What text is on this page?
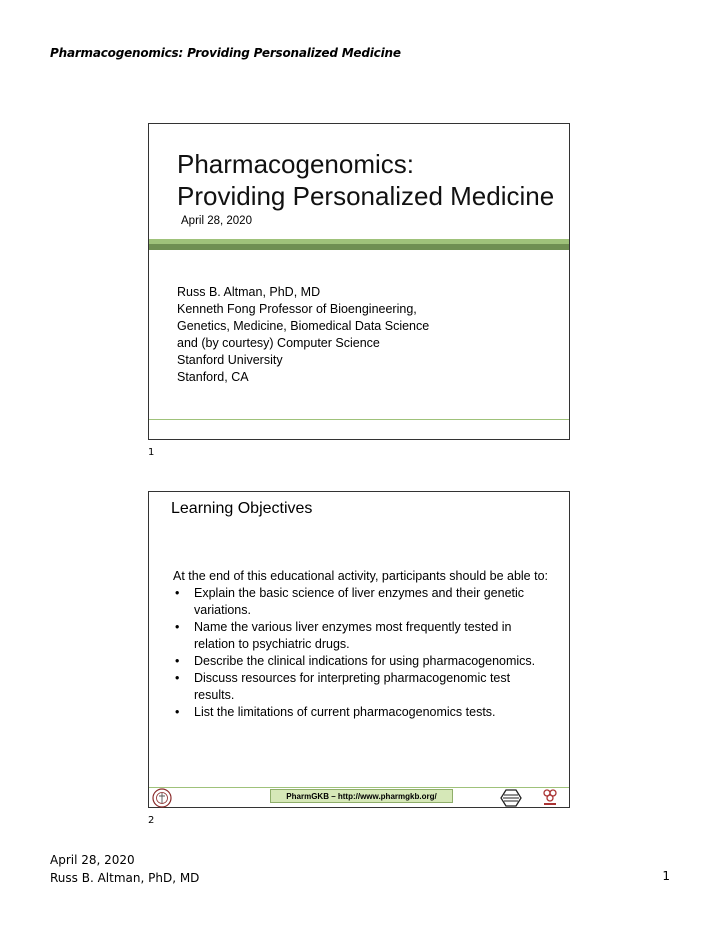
Pharmacogenomics: Providing Personalized Medicine
Pharmacogenomics:
Providing Personalized Medicine
April 28, 2020
Russ B. Altman, PhD, MD
Kenneth Fong Professor of Bioengineering,
Genetics, Medicine, Biomedical Data Science
and (by courtesy) Computer Science
Stanford University
Stanford, CA
1
Learning Objectives

At the end of this educational activity, participants should be able to:

• Explain the basic science of liver enzymes and their genetic variations.
• Name the various liver enzymes most frequently tested in relation to psychiatric drugs.
• Describe the clinical indications for using pharmacogenomics.
• Discuss resources for interpreting pharmacogenomic test results.
• List the limitations of current pharmacogenomics tests.
PharmGKB – http://www.pharmgkb.org/
2
April 28, 2020
Russ B. Altman, PhD, MD	1
